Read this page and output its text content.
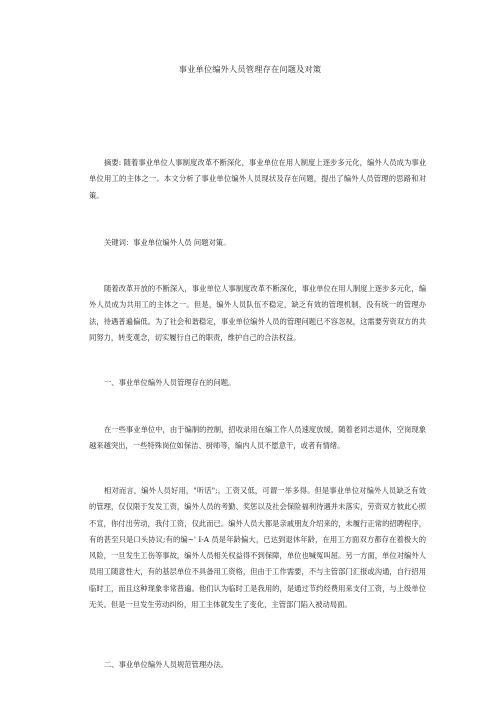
事业单位编外人员管理存在问题及对策

摘要: 随着事业单位人事制度改革不断深化，事业单位在用人制度上逐步多元化，编外人员成为事业单位用工的主体之一。本文分析了事业单位编外人员现状及存在问题，提出了编外人员管理的思路和对策。

关键词：事业单位编外人员 问题对策。

随着改革开放的不断深入，事业单位人事制度改革不断深化，事业单位在用人制度上逐步多元化，编外人员成为共用工的主体之一。但是，编外人员队伍不稳定，缺乏有效的管理机制，没有统一的管理办法，待遇普遍偏低。为了社会和谐稳定，事业单位编外人员的管理问题已不容忽视，这需要劳资双方的共同努力，转变观念，切实履行自己的职责，维护自己的合法权益。

一、事业单位编外人员管理存在的问题。

在一些事业单位中，由于编制的控制，招收录用在编工作人员速度放缓，随着老同志退休，空岗现象越来越突出，一些特殊岗位如保洁、厨师等，编内人员不愿意干，或者有情绪。

相对而言，编外人员好用，"听话";，工资又低，可谓一举多得。但是事业单位对编外人员缺乏有效的管理，仅仅限于发发工资，编外人员的考勤、奖惩以及社会保险福利待遇并未落实，劳资双方彼此心照不宣，你付出劳动，我付工资，仅此而已。编外人员大都是亲戚朋友介绍来的，未履行正常的招聘程序，有的甚至只是口头协议;有的编~' I-A 员是年龄偏大，已达到退休年龄，在用工方面双方都存在着极大的风险，一旦发生工伤等事故，编外人员相关权益得不到保障，单位也喊冤叫屈。另一方面，单位对编外人员用工随意性大，有的基层单位不具备用工资格，但由于工作需要，不与主管部门汇报或沟通，自行招用临时工，而且这种现象非常普遍。他们认为临时工是我用的，是通过节约经费用来支付工资，与上级单位无关。但是一旦发生劳动纠纷，用工主体就发生了变化，主管部门陷入被动局面。

二、事业单位编外人员规范管理办法。
